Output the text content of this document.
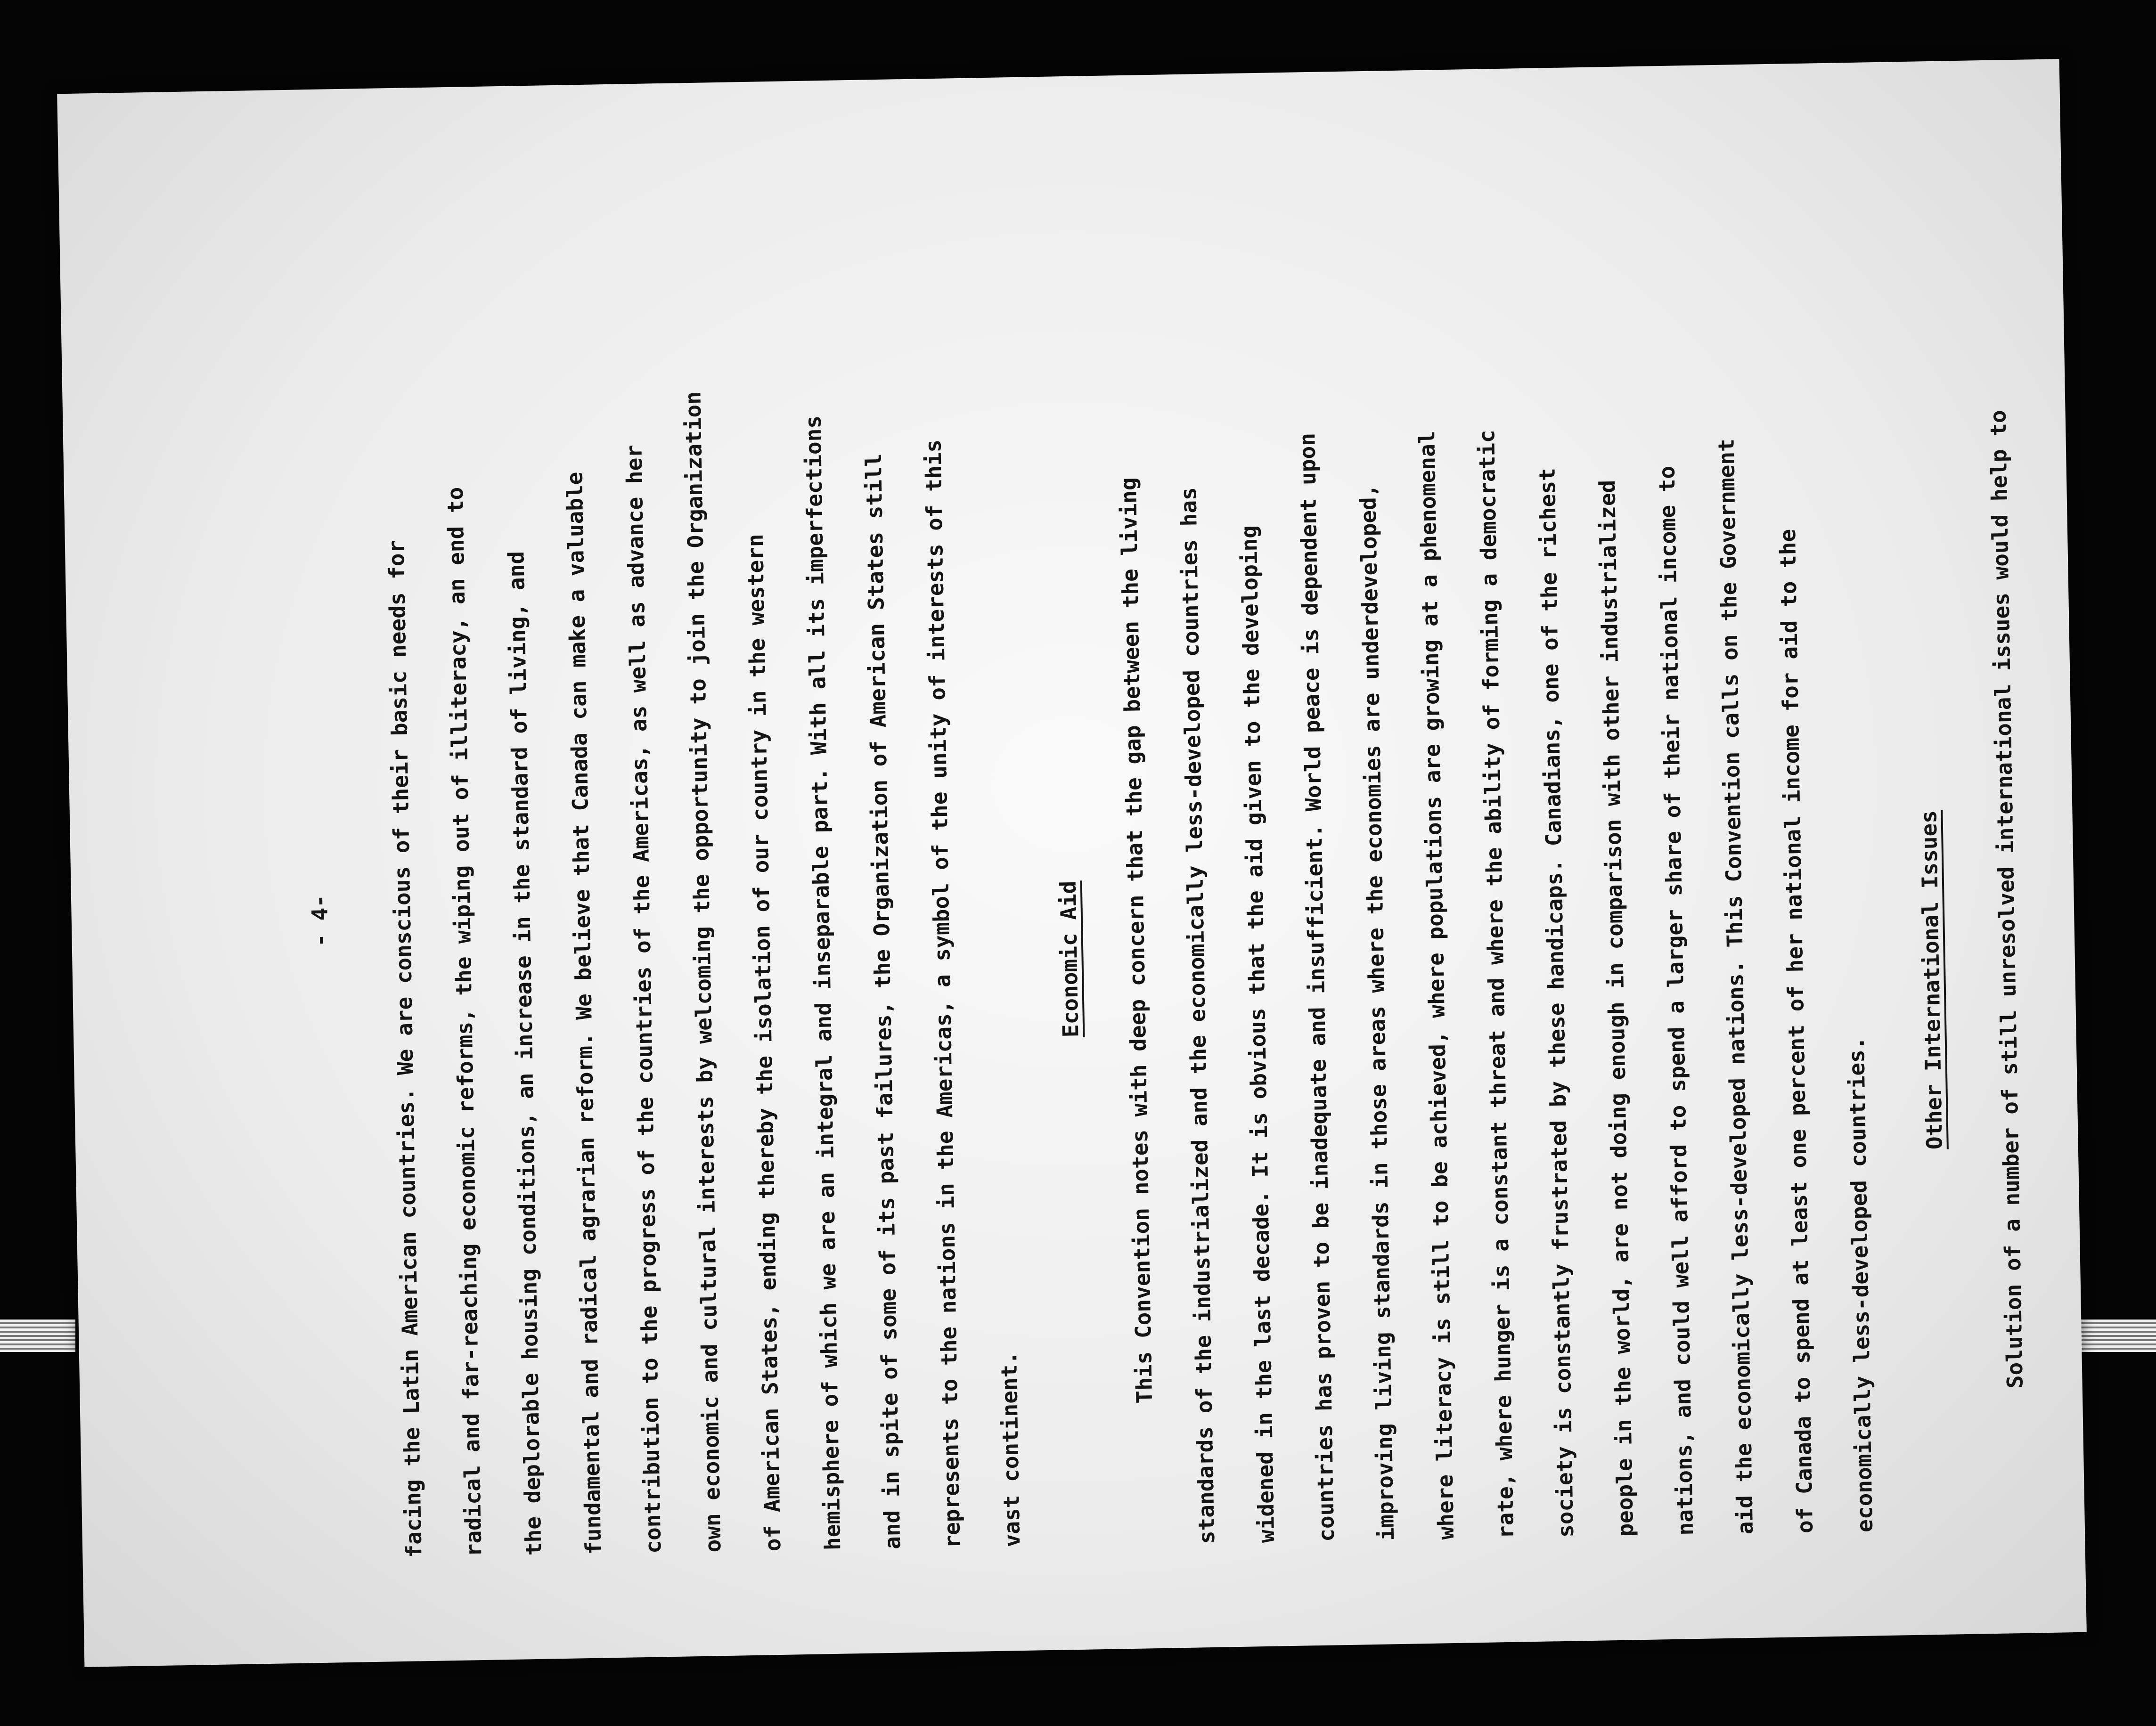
- 4- facing the Latin American countries. We are conscious of their basic needs for radical and far-reaching economic reforms, the wiping out of illiteracy, an end to the deplorable housing conditions, an increase in the standard of living, and fundamental and radical agrarian reform. We believe that Canada can make a valuable contribution to the progress of the countries of the Americas, as well as advance her own economic and cultural interests by welcoming the opportunity to join the Organization of American States, ending thereby the isolation of our country in the western hemisphere of which we are an integral and inseparable part. With all its imperfections and in spite of some of its past failures, the Organization of American States still represents to the nations in the Americas, a symbol of the unity of interests of this vast continent.
Economic Aid This Convention notes with deep concern that the gap between the living standards of the industrialized and the economically less-developed countries has widened in the last decade. It is obvious that the aid given to the developing countries has proven to be inadequate and insufficient. World peace is dependent upon improving living standards in those areas where the economies are underdeveloped, where literacy is still to be achieved, where populations are growing at a phenomenal rate, where hunger is a constant threat and where the ability of forming a democratic society is constantly frustrated by these handicaps. Canadians, one of the richest people in the world, are not doing enough in comparison with other industrialized nations, and could well afford to spend a larger share of their national income to aid the economically less-developed nations. This Convention calls on the Government of Canada to spend at least one percent of her national income for aid to the economically less-developed countries.
Other International Issues Solution of a number of still unresolved international issues would help to
